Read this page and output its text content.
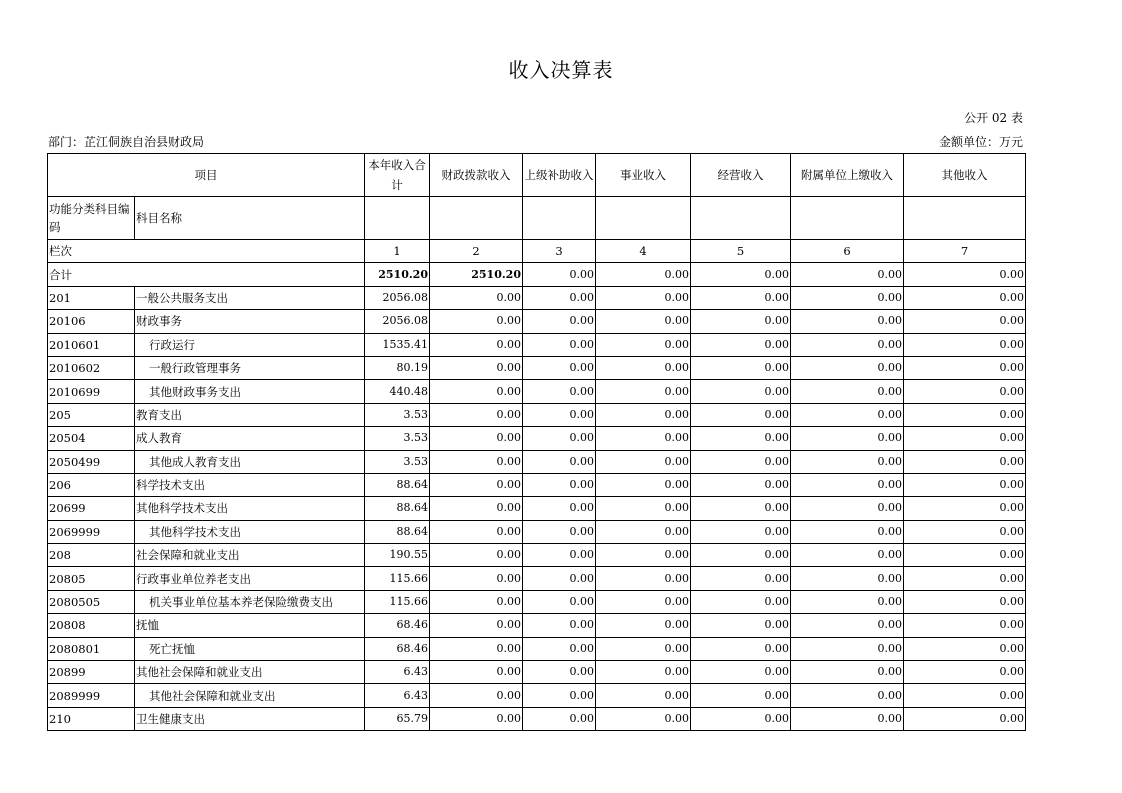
收入决算表
公开 02 表
部门：芷江侗族自治县财政局	金额单位：万元
项目		本年收入合计	财政拨款收入	上级补助收入	事业收入	经营收入	附属单位上缴收入	其他收入
功能分类科目编码	科目名称							
栏次		1	2	3	4	5	6	7
合计		2510.20	2510.20	0.00	0.00	0.00	0.00	0.00
201	一般公共服务支出	2056.08	0.00	0.00	0.00	0.00	0.00	0.00
20106	财政事务	2056.08	0.00	0.00	0.00	0.00	0.00	0.00
2010601	行政运行	1535.41	0.00	0.00	0.00	0.00	0.00	0.00
2010602	一般行政管理事务	80.19	0.00	0.00	0.00	0.00	0.00	0.00
2010699	其他财政事务支出	440.48	0.00	0.00	0.00	0.00	0.00	0.00
205	教育支出	3.53	0.00	0.00	0.00	0.00	0.00	0.00
20504	成人教育	3.53	0.00	0.00	0.00	0.00	0.00	0.00
2050499	其他成人教育支出	3.53	0.00	0.00	0.00	0.00	0.00	0.00
206	科学技术支出	88.64	0.00	0.00	0.00	0.00	0.00	0.00
20699	其他科学技术支出	88.64	0.00	0.00	0.00	0.00	0.00	0.00
2069999	其他科学技术支出	88.64	0.00	0.00	0.00	0.00	0.00	0.00
208	社会保障和就业支出	190.55	0.00	0.00	0.00	0.00	0.00	0.00
20805	行政事业单位养老支出	115.66	0.00	0.00	0.00	0.00	0.00	0.00
2080505	机关事业单位基本养老保险缴费支出	115.66	0.00	0.00	0.00	0.00	0.00	0.00
20808	抚恤	68.46	0.00	0.00	0.00	0.00	0.00	0.00
2080801	死亡抚恤	68.46	0.00	0.00	0.00	0.00	0.00	0.00
20899	其他社会保障和就业支出	6.43	0.00	0.00	0.00	0.00	0.00	0.00
2089999	其他社会保障和就业支出	6.43	0.00	0.00	0.00	0.00	0.00	0.00
210	卫生健康支出	65.79	0.00	0.00	0.00	0.00	0.00	0.00
